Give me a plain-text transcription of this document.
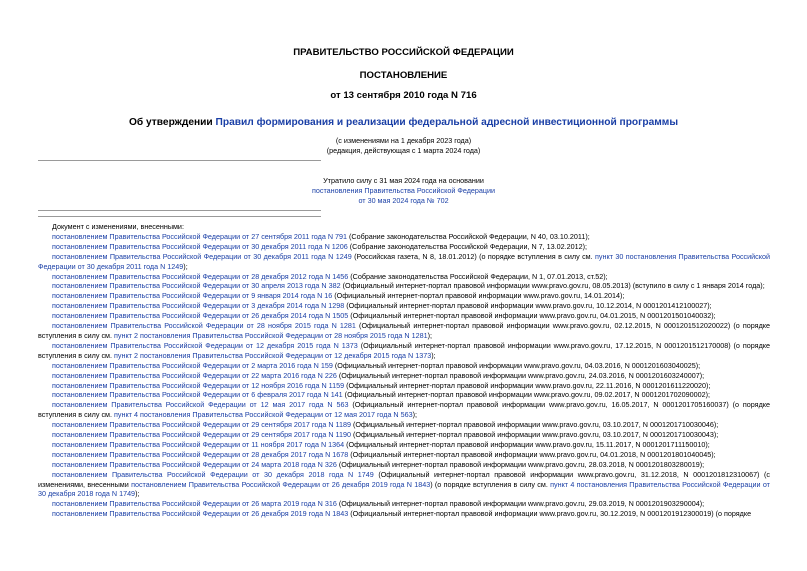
ПРАВИТЕЛЬСТВО РОССИЙСКОЙ ФЕДЕРАЦИИ
ПОСТАНОВЛЕНИЕ
от 13 сентября 2010 года N 716
Об утверждении Правил формирования и реализации федеральной адресной инвестиционной программы
(с изменениями на 1 декабря 2023 года)
(редакция, действующая с 1 марта 2024 года)
Утратило силу с 31 мая 2024 года на основании
постановления Правительства Российской Федерации
от 30 мая 2024 года № 702

Документ с изменениями, внесенными:

постановлением Правительства Российской Федерации от 27 сентября 2011 года N 791 (Собрание законодательства Российской Федерации, N 40, 03.10.2011);

постановлением Правительства Российской Федерации от 30 декабря 2011 года N 1206 (Собрание законодательства Российской Федерации, N 7, 13.02.2012);

постановлением Правительства Российской Федерации от 30 декабря 2011 года N 1249 (Российская газета, N 8, 18.01.2012) (о порядке вступления в силу см. пункт 30 постановления Правительства Российской Федерации от 30 декабря 2011 года N 1249);

постановлением Правительства Российской Федерации от 28 декабря 2012 года N 1456 (Собрание законодательства Российской Федерации, N 1, 07.01.2013, ст.52);

постановлением Правительства Российской Федерации от 30 апреля 2013 года N 382 (Официальный интернет-портал правовой информации www.pravo.gov.ru, 08.05.2013) (вступило в силу с 1 января 2014 года);

постановлением Правительства Российской Федерации от 9 января 2014 года N 16 (Официальный интернет-портал правовой информации www.pravo.gov.ru, 14.01.2014);

постановлением Правительства Российской Федерации от 3 декабря 2014 года N 1298 (Официальный интернет-портал правовой информации www.pravo.gov.ru, 10.12.2014, N 0001201412100027);

постановлением Правительства Российской Федерации от 26 декабря 2014 года N 1505 (Официальный интернет-портал правовой информации www.pravo.gov.ru, 04.01.2015, N 0001201501040032);

постановлением Правительства Российской Федерации от 28 ноября 2015 года N 1281 (Официальный интернет-портал правовой информации www.pravo.gov.ru, 02.12.2015, N 0001201512020022) (о порядке вступления в силу см. пункт 2 постановления Правительства Российской Федерации от 28 ноября 2015 года N 1281);

постановлением Правительства Российской Федерации от 12 декабря 2015 года N 1373 (Официальный интернет-портал правовой информации www.pravo.gov.ru, 17.12.2015, N 0001201512170008) (о порядке вступления в силу см. пункт 2 постановления Правительства Российской Федерации от 12 декабря 2015 года N 1373);

постановлением Правительства Российской Федерации от 2 марта 2016 года N 159 (Официальный интернет-портал правовой информации www.pravo.gov.ru, 04.03.2016, N 0001201603040025);

постановлением Правительства Российской Федерации от 22 марта 2016 года N 226 (Официальный интернет-портал правовой информации www.pravo.gov.ru, 24.03.2016, N 0001201603240007);

постановлением Правительства Российской Федерации от 12 ноября 2016 года N 1159 (Официальный интернет-портал правовой информации www.pravo.gov.ru, 22.11.2016, N 0001201611220020);

постановлением Правительства Российской Федерации от 6 февраля 2017 года N 141 (Официальный интернет-портал правовой информации www.pravo.gov.ru, 09.02.2017, N 0001201702090002);

постановлением Правительства Российской Федерации от 12 мая 2017 года N 563 (Официальный интернет-портал правовой информации www.pravo.gov.ru, 16.05.2017, N 0001201705160037) (о порядке вступления в силу см. пункт 4 постановления Правительства Российской Федерации от 12 мая 2017 года N 563);

постановлением Правительства Российской Федерации от 29 сентября 2017 года N 1189 (Официальный интернет-портал правовой информации www.pravo.gov.ru, 03.10.2017, N 0001201710030046);

постановлением Правительства Российской Федерации от 29 сентября 2017 года N 1190 (Официальный интернет-портал правовой информации www.pravo.gov.ru, 03.10.2017, N 0001201710030043);

постановлением Правительства Российской Федерации от 11 ноября 2017 года N 1364 (Официальный интернет-портал правовой информации www.pravo.gov.ru, 15.11.2017, N 0001201711150010);

постановлением Правительства Российской Федерации от 28 декабря 2017 года N 1678 (Официальный интернет-портал правовой информации www.pravo.gov.ru, 04.01.2018, N 0001201801040045);

постановлением Правительства Российской Федерации от 24 марта 2018 года N 326 (Официальный интернет-портал правовой информации www.pravo.gov.ru, 28.03.2018, N 0001201803280019);

постановлением Правительства Российской Федерации от 30 декабря 2018 года N 1749 (Официальный интернет-портал правовой информации www.pravo.gov.ru, 31.12.2018, N 0001201812310067) (с изменениями, внесенными постановлением Правительства Российской Федерации от 26 декабря 2019 года N 1843) (о порядке вступления в силу см. пункт 4 постановления Правительства Российской Федерации от 30 декабря 2018 года N 1749);

постановлением Правительства Российской Федерации от 26 марта 2019 года N 316 (Официальный интернет-портал правовой информации www.pravo.gov.ru, 29.03.2019, N 0001201903290004);

постановлением Правительства Российской Федерации от 26 декабря 2019 года N 1843 (Официальный интернет-портал правовой информации www.pravo.gov.ru, 30.12.2019, N 0001201912300019) (о порядке
